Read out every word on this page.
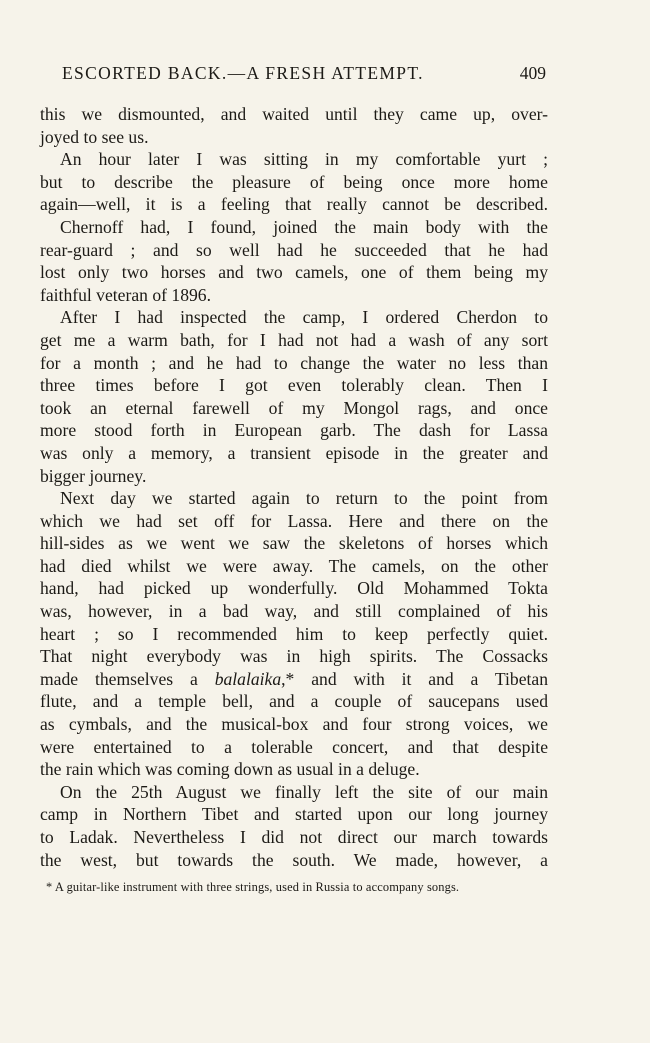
ESCORTED BACK.—A FRESH ATTEMPT.	409
this we dismounted, and waited until they came up, over-
joyed to see us.
An hour later I was sitting in my comfortable yurt ;
but to describe the pleasure of being once more home
again—well, it is a feeling that really cannot be described.
Chernoff had, I found, joined the main body with the
rear-guard ; and so well had he succeeded that he had
lost only two horses and two camels, one of them being my
faithful veteran of 1896.
After I had inspected the camp, I ordered Cherdon to
get me a warm bath, for I had not had a wash of any sort
for a month ; and he had to change the water no less than
three times before I got even tolerably clean. Then I
took an eternal farewell of my Mongol rags, and once
more stood forth in European garb. The dash for Lassa
was only a memory, a transient episode in the greater and
bigger journey.
Next day we started again to return to the point from
which we had set off for Lassa. Here and there on the
hill-sides as we went we saw the skeletons of horses which
had died whilst we were away. The camels, on the other
hand, had picked up wonderfully. Old Mohammed Tokta
was, however, in a bad way, and still complained of his
heart ; so I recommended him to keep perfectly quiet.
That night everybody was in high spirits. The Cossacks
made themselves a balalaika,* and with it and a Tibetan
flute, and a temple bell, and a couple of saucepans used
as cymbals, and the musical-box and four strong voices, we
were entertained to a tolerable concert, and that despite
the rain which was coming down as usual in a deluge.
On the 25th August we finally left the site of our main
camp in Northern Tibet and started upon our long journey
to Ladak. Nevertheless I did not direct our march towards
the west, but towards the south. We made, however, a
* A guitar-like instrument with three strings, used in Russia to accompany songs.
